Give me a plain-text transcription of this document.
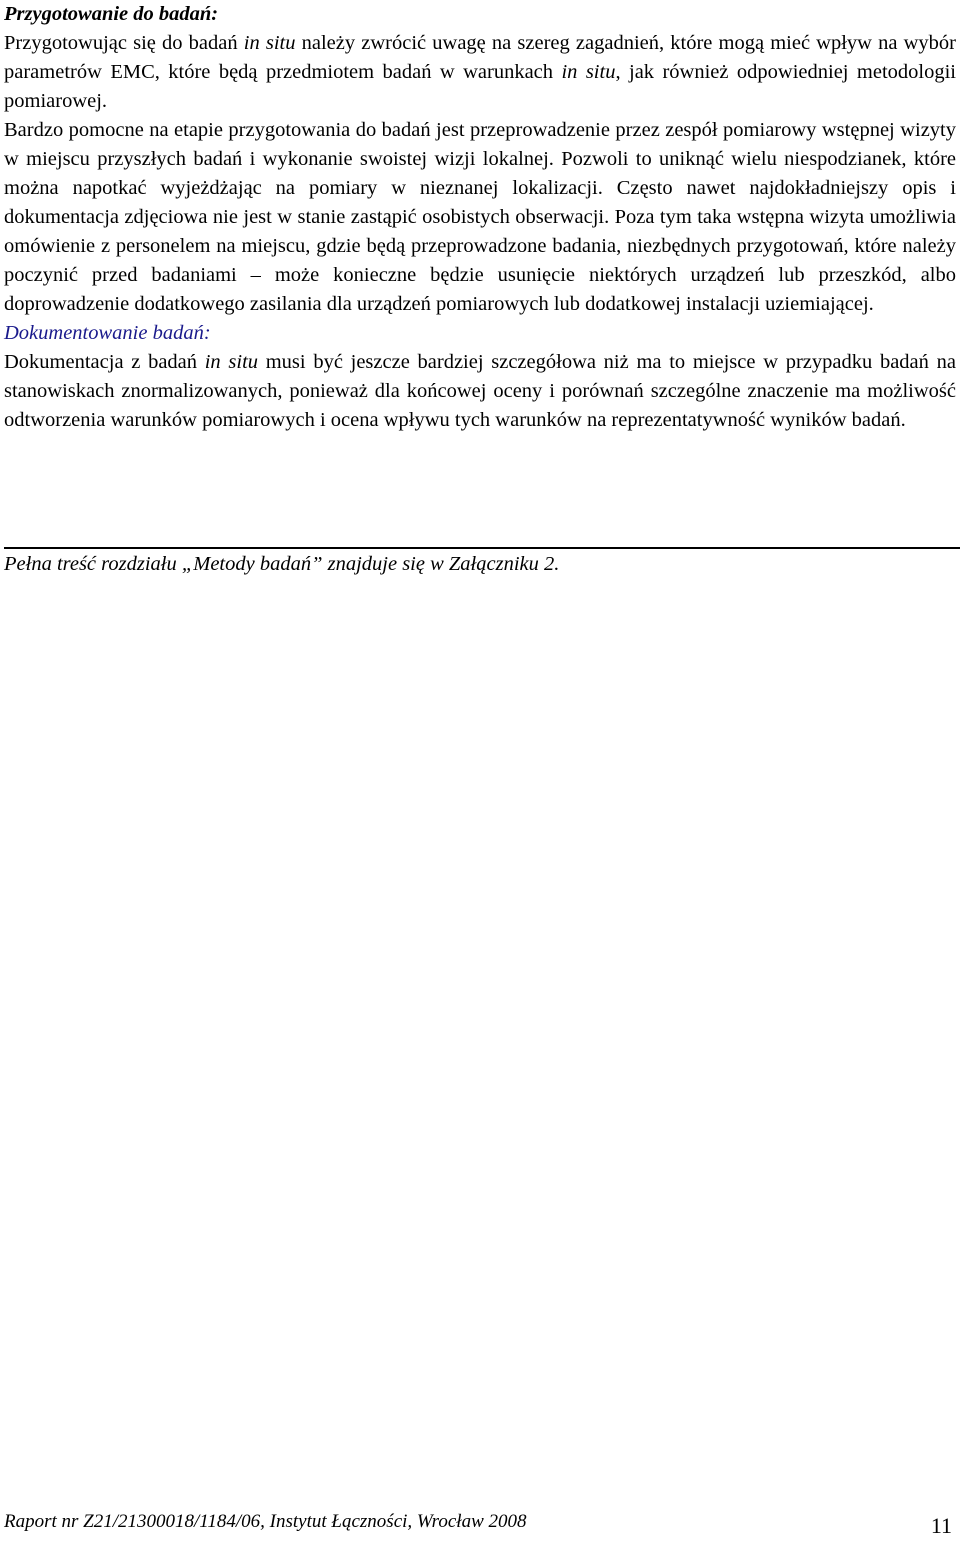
Przygotowanie do badań:

Przygotowując się do badań in situ należy zwrócić uwagę na szereg zagadnień, które mogą mieć wpływ na wybór parametrów EMC, które będą przedmiotem badań w warunkach in situ, jak również odpowiedniej metodologii pomiarowej.

Bardzo pomocne na etapie przygotowania do badań jest przeprowadzenie przez zespół pomiarowy wstępnej wizyty w miejscu przyszłych badań i wykonanie swoistej wizji lokalnej. Pozwoli to uniknąć wielu niespodzianek, które można napotkać wyjeżdżając na pomiary w nieznanej lokalizacji. Często nawet najdokładniejszy opis i dokumentacja zdjęciowa nie jest w stanie zastąpić osobistych obserwacji. Poza tym taka wstępna wizyta umożliwia omówienie z personelem na miejscu, gdzie będą przeprowadzone badania, niezbędnych przygotowań, które należy poczynić przed badaniami – może konieczne będzie usunięcie niektórych urządzeń lub przeszkód, albo doprowadzenie dodatkowego zasilania dla urządzeń pomiarowych lub dodatkowej instalacji uziemiającej.

Dokumentowanie badań:

Dokumentacja z badań in situ musi być jeszcze bardziej szczegółowa niż ma to miejsce w przypadku badań na stanowiskach znormalizowanych, ponieważ dla końcowej oceny i porównań szczególne znaczenie ma możliwość odtworzenia warunków pomiarowych i ocena wpływu tych warunków na reprezentatywność wyników badań.

Pełna treść rozdziału „Metody badań” znajduje się w Załączniku 2.
Raport nr Z21/21300018/1184/06, Instytut Łączności, Wrocław 2008	11
